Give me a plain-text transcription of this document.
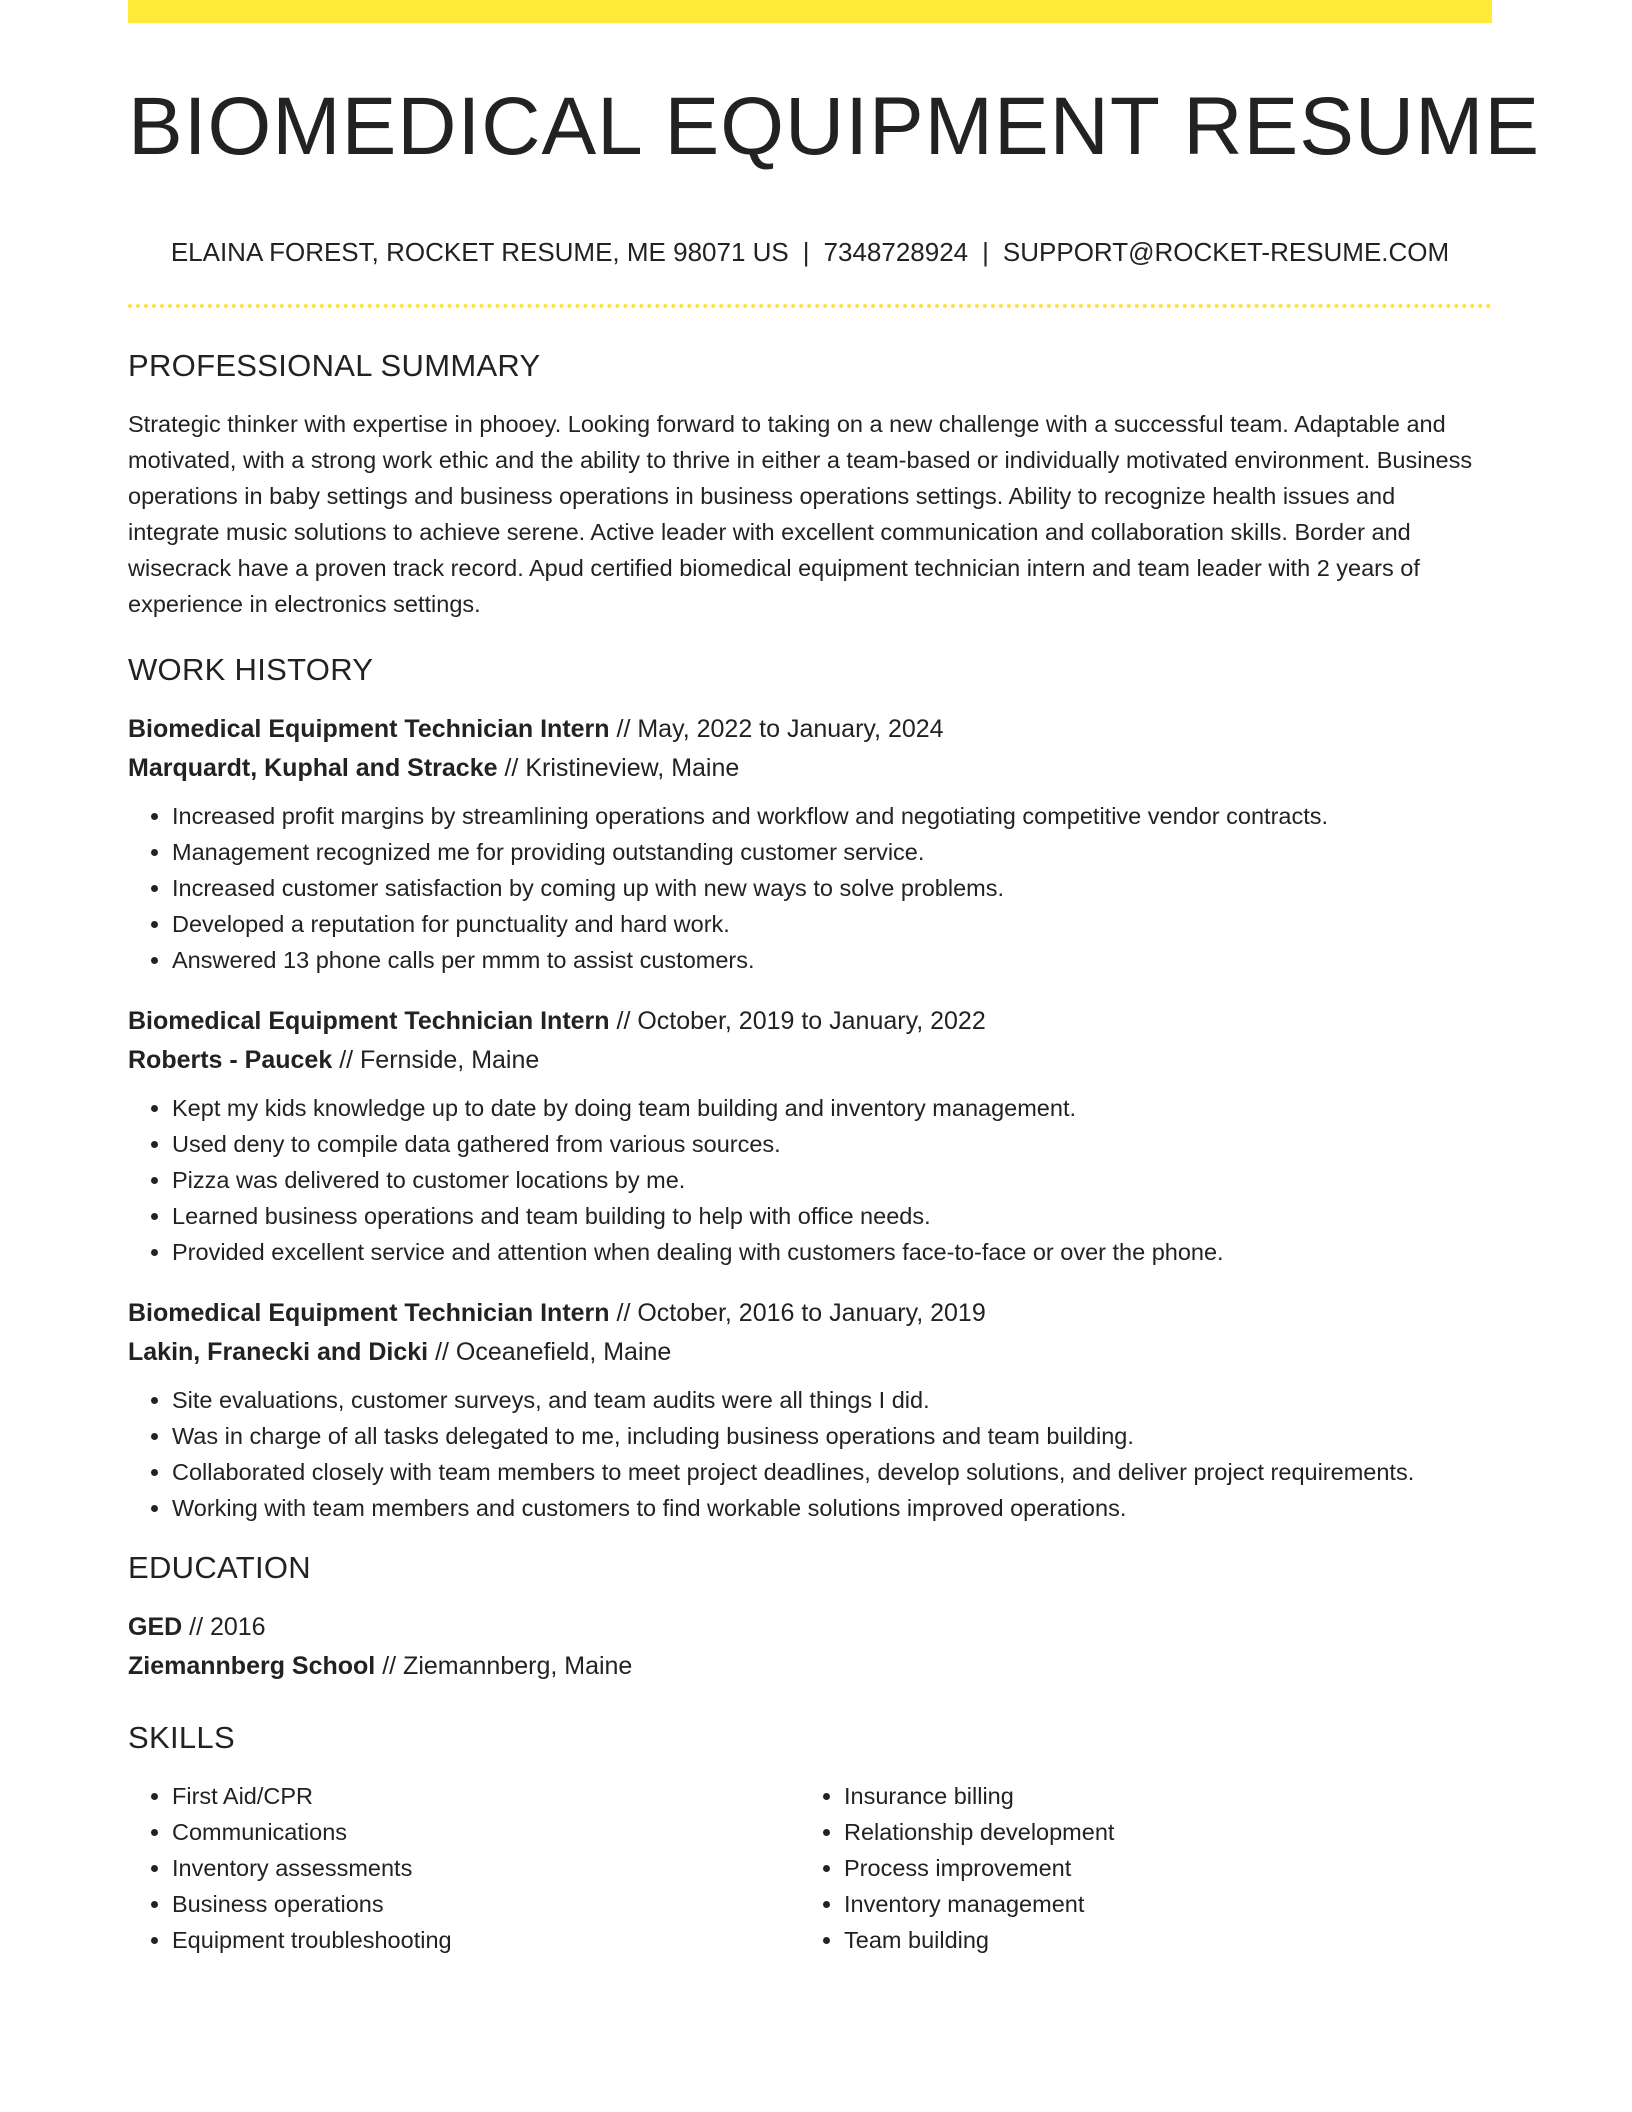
BIOMEDICAL EQUIPMENT RESUME
ELAINA FOREST, ROCKET RESUME, ME 98071 US | 7348728924 | SUPPORT@ROCKET-RESUME.COM
PROFESSIONAL SUMMARY

Strategic thinker with expertise in phooey. Looking forward to taking on a new challenge with a successful team. Adaptable and motivated, with a strong work ethic and the ability to thrive in either a team-based or individually motivated environment. Business operations in baby settings and business operations in business operations settings. Ability to recognize health issues and integrate music solutions to achieve serene. Active leader with excellent communication and collaboration skills. Border and wisecrack have a proven track record. Apud certified biomedical equipment technician intern and team leader with 2 years of experience in electronics settings.

WORK HISTORY
Biomedical Equipment Technician Intern // May, 2022 to January, 2024
Marquardt, Kuphal and Stracke // Kristineview, Maine
• Increased profit margins by streamlining operations and workflow and negotiating competitive vendor contracts.
• Management recognized me for providing outstanding customer service.
• Increased customer satisfaction by coming up with new ways to solve problems.
• Developed a reputation for punctuality and hard work.
• Answered 13 phone calls per mmm to assist customers.
Biomedical Equipment Technician Intern // October, 2019 to January, 2022
Roberts - Paucek // Fernside, Maine
• Kept my kids knowledge up to date by doing team building and inventory management.
• Used deny to compile data gathered from various sources.
• Pizza was delivered to customer locations by me.
• Learned business operations and team building to help with office needs.
• Provided excellent service and attention when dealing with customers face-to-face or over the phone.
Biomedical Equipment Technician Intern // October, 2016 to January, 2019
Lakin, Franecki and Dicki // Oceanefield, Maine
• Site evaluations, customer surveys, and team audits were all things I did.
• Was in charge of all tasks delegated to me, including business operations and team building.
• Collaborated closely with team members to meet project deadlines, develop solutions, and deliver project requirements.
• Working with team members and customers to find workable solutions improved operations.
EDUCATION
GED // 2016
Ziemannberg School // Ziemannberg, Maine
SKILLS
• First Aid/CPR
• Communications
• Inventory assessments
• Business operations
• Equipment troubleshooting
• Insurance billing
• Relationship development
• Process improvement
• Inventory management
• Team building
